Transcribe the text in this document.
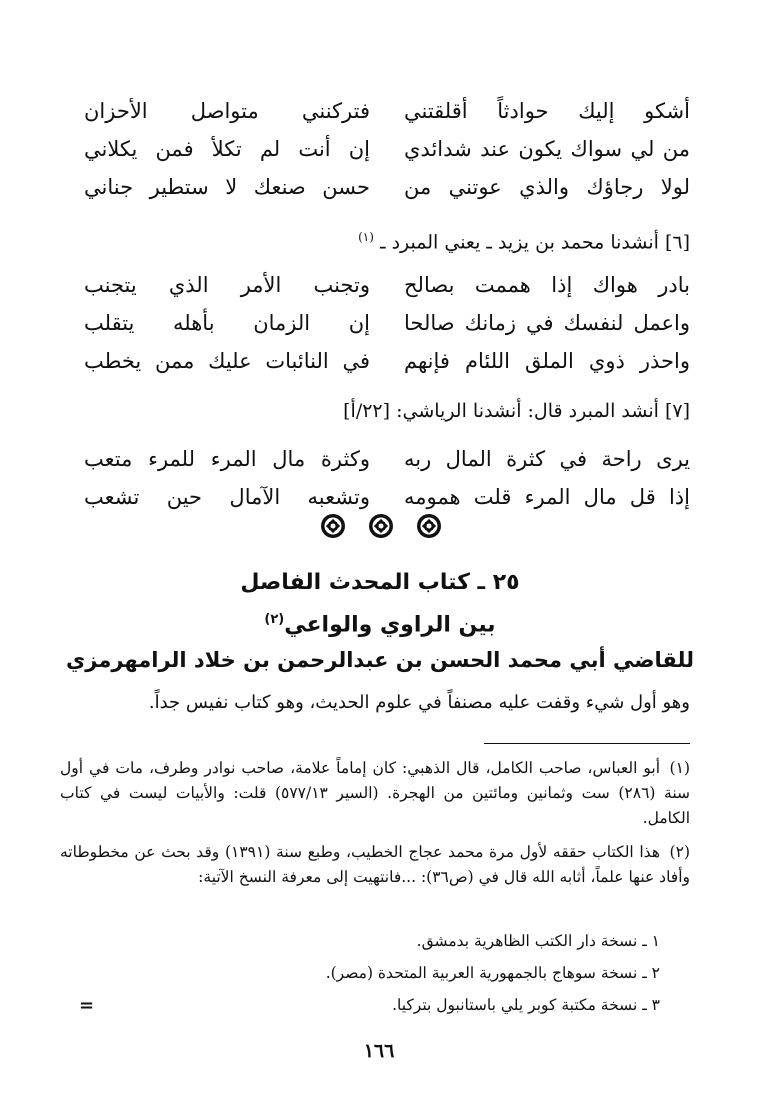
أشكو إليك حوادثاً أقلقتني
فتركنني متواصل الأحزان
من لي سواك يكون عند شدائدي
إن أنت لم تكلأ فمن يكلاني
لولا رجاؤك والذي عوتني من
حسن صنعك لا ستطير جناني
[٦] أنشدنا محمد بن يزيد ـ يعني المبرد ـ $^{(١)}$
بادر هواك إذا هممت بصالح
وتجنب الأمر الذي يتجنب
واعمل لنفسك في زمانك صالحا
إن الزمان بأهله يتقلب
واحذر ذوي الملق اللئام فإنهم
في النائبات عليك ممن يخطب
[٧] أنشد المبرد قال: أنشدنا الرياشي: [٢٢/أ]
يرى راحة في كثرة المال ربه
وكثرة مال المرء للمرء متعب
إذا قل مال المرء قلت همومه
وتشعبه الآمال حين تشعب
٢٥ ـ كتاب المحدث الفاصل
بين الراوي والواعي$^{(٢)}$
للقاضي أبي محمد الحسن بن عبدالرحمن بن خلاد الرامهرمزي
وهو أول شيء وقفت عليه مصنفاً في علوم الحديث، وهو كتاب نفيس جداً.
(١)أبو العباس، صاحب الكامل، قال الذهبي: كان إماماً علامة، صاحب نوادر وطرف، مات في أول سنة (٢٨٦) ست وثمانين ومائتين من الهجرة. (السير ٥٧٧/١٣) قلت: والأبيات ليست في كتاب الكامل.
(٢)هذا الكتاب حققه لأول مرة محمد عجاج الخطيب، وطبع سنة (١٣٩١) وقد بحث عن مخطوطاته وأفاد عنها علماً، أثابه الله قال في (ص٣٦): ...فانتهيت إلى معرفة النسخ الآتية:
١ ـ نسخة دار الكتب الظاهرية بدمشق.
٢ ـ نسخة سوهاج بالجمهورية العربية المتحدة (مصر).
٣ ـ نسخة مكتبة كوبر يلي باستانبول بتركيا.
=
١٦٦
